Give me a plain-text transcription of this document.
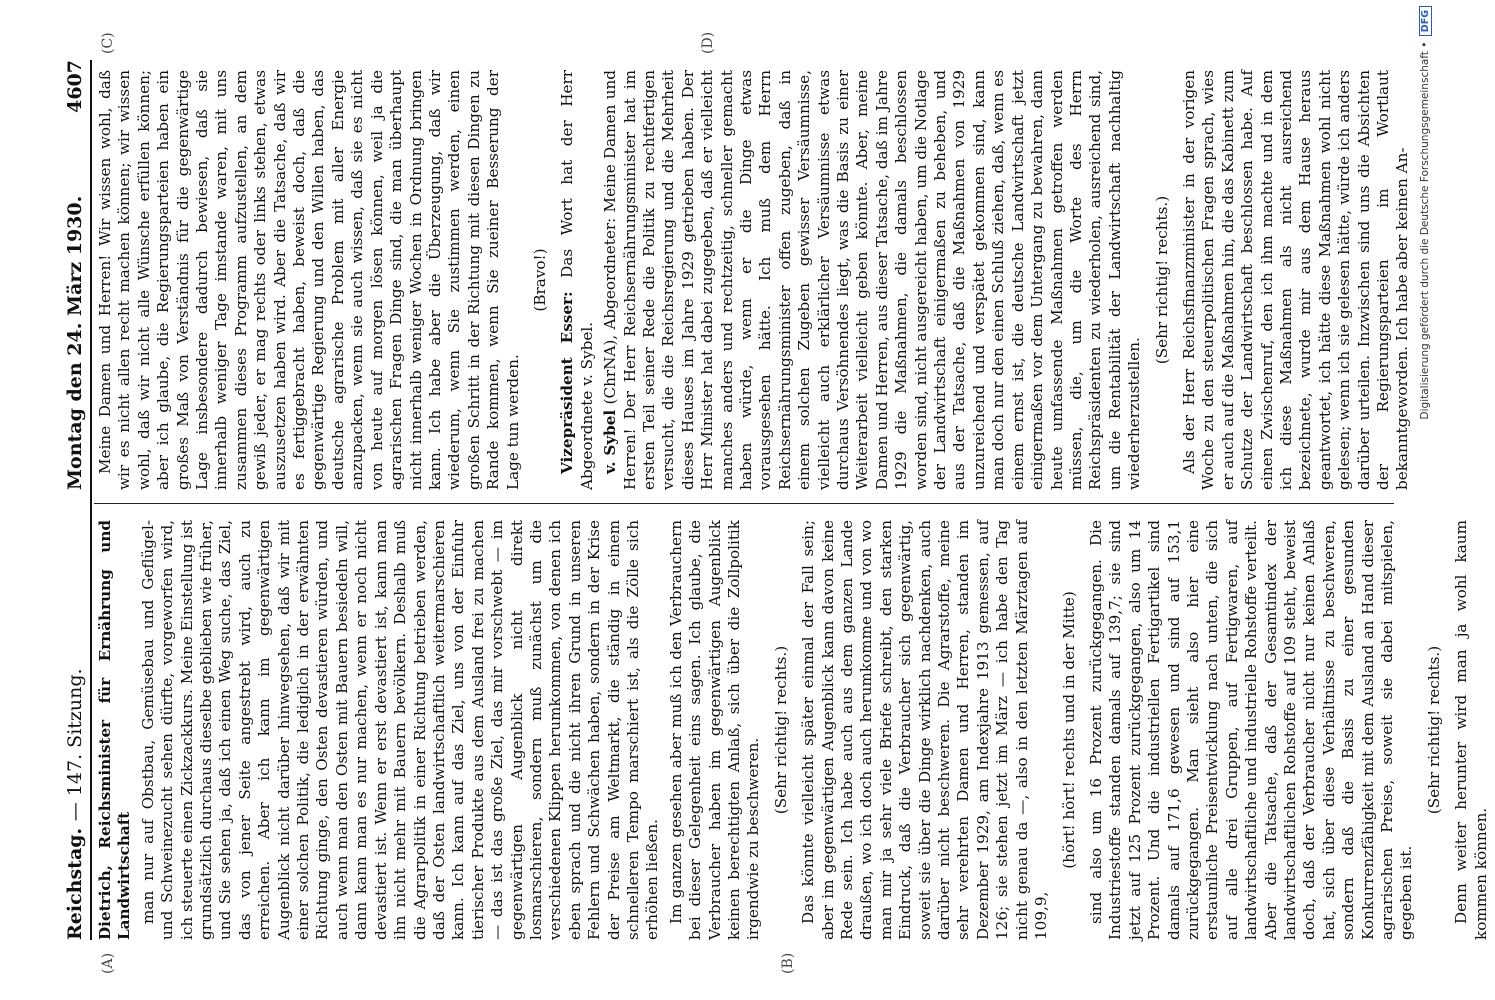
Reichstag. — 147. Sitzung.
Montag den 24. März 1930.
4607
(A)	(B)
(C)	(D)

Dietrich, Reichsminister für Ernährung und Landwirtschaft man nur auf Obstbau, Gemüsebau und Geflügel- und Schweinezucht sehen dürfte, vorgeworfen wird, ich steuerte einen Zickzackkurs. Meine Einstellung ist grundsätzlich durchaus dieselbe geblieben wie früher, und Sie sehen ja, daß ich einen Weg suche, das Ziel, das von jener Seite angestrebt wird, auch zu erreichen. Aber ich kann im gegenwärtigen Augenblick nicht darüber hinwegsehen, daß wir mit einer solchen Politik, die lediglich in der erwähnten Richtung ginge, den Osten devastieren würden, und auch wenn man den Osten mit Bauern besiedeln will, dann kann man es nur machen, wenn er noch nicht devastiert ist. Wenn er erst devastiert ist, kann man ihn nicht mehr mit Bauern bevölkern. Deshalb muß die Agrarpolitik in einer Richtung betrieben werden, daß der Osten landwirtschaftlich weitermarschieren kann. Ich kann auf das Ziel, uns von der Einfuhr tierischer Produkte aus dem Ausland frei zu machen — das ist das große Ziel, das mir vorschwebt — im gegenwärtigen Augenblick nicht direkt losmarschieren, sondern muß zunächst um die verschiedenen Klippen herumkommen, von denen ich eben sprach und die nicht ihren Grund in unseren Fehlern und Schwächen haben, sondern in der Krise der Preise am Weltmarkt, die ständig in einem schnelleren Tempo marschiert ist, als die Zölle sich erhöhen ließen. Im ganzen gesehen aber muß ich den Verbrauchern bei dieser Gelegenheit eins sagen. Ich glaube, die Verbraucher haben im gegenwärtigen Augenblick keinen berechtigten Anlaß, sich über die Zollpolitik irgendwie zu beschweren.

(Sehr richtig! rechts.) Das könnte vielleicht später einmal der Fall sein; aber im gegenwärtigen Augenblick kann davon keine Rede sein. Ich habe auch aus dem ganzen Lande draußen, wo ich doch auch herumkomme und von wo man mir ja sehr viele Briefe schreibt, den starken Eindruck, daß die Verbraucher sich gegenwärtig, soweit sie über die Dinge wirklich nachdenken, auch darüber nicht beschweren. Die Agrarstoffe, meine sehr verehrten Damen und Herren, standen im Dezember 1929, am Indexjahre 1913 gemessen, auf 126; sie stehen jetzt im März — ich habe den Tag nicht genau da —, also in den letzten Märztagen auf 109,9,

(hört! hört! rechts und in der Mitte) sind also um 16 Prozent zurückgegangen. Die Industriestoffe standen damals auf 139,7; sie sind jetzt auf 125 Prozent zurückgegangen, also um 14 Prozent. Und die industriellen Fertigartikel sind damals auf 171,6 gewesen und sind auf 153,1 zurückgegangen. Man sieht also hier eine erstaunliche Preisentwicklung nach unten, die sich auf alle drei Gruppen, auf Fertigwaren, auf landwirtschaftliche und industrielle Rohstoffe verteilt. Aber die Tatsache, daß der Gesamtindex der landwirtschaftlichen Rohstoffe auf 109 steht, beweist doch, daß der Verbraucher nicht nur keinen Anlaß hat, sich über diese Verhältnisse zu beschweren, sondern daß die Basis zu einer gesunden Konkurrenzfähigkeit mit dem Ausland an Hand dieser agrarischen Preise, soweit sie dabei mitspielen, gegeben ist.

(Sehr richtig! rechts.) Denn weiter herunter wird man ja wohl kaum kommen können.

Meine Damen und Herren! Wir wissen wohl, daß wir es nicht allen recht machen können; wir wissen wohl, daß wir nicht alle Wünsche erfüllen können; aber ich glaube, die Regierungsparteien haben ein großes Maß von Verständnis für die gegenwärtige Lage insbesondere dadurch bewiesen, daß sie innerhalb weniger Tage imstande waren, mit uns zusammen dieses Programm aufzustellen, an dem gewiß jeder, er mag rechts oder links stehen, etwas auszusetzen haben wird. Aber die Tatsache, daß wir es fertiggebracht haben, beweist doch, daß die gegenwärtige Regierung und den Willen haben, das deutsche agrarische Problem mit aller Energie anzupacken, wenn sie auch wissen, daß sie es nicht von heute auf morgen lösen können, weil ja die agrarischen Fragen Dinge sind, die man überhaupt nicht innerhalb weniger Wochen in Ordnung bringen kann. Ich habe aber die Überzeugung, daß wir wiederum, wenn Sie zustimmen werden, einen großen Schritt in der Richtung mit diesen Dingen zu Rande kommen, wenn Sie zueiner Besserung der Lage tun werden.

(Bravo!)

Vizepräsident Esser: Das Wort hat der Herr Abgeordnete v. Sybel. v. Sybel (ChrNA), Abgeordneter: Meine Damen und Herren! Der Herr Reichsernährungsminister hat im ersten Teil seiner Rede die Politik zu rechtfertigen versucht, die die Reichsregierung und die Mehrheit dieses Hauses im Jahre 1929 getrieben haben. Der Herr Minister hat dabei zugegeben, daß er vielleicht manches anders und rechtzeitig, schneller gemacht haben würde, wenn er die Dinge etwas vorausgesehen hätte. Ich muß dem Herrn Reichsernährungsminister offen zugeben, daß in einem solchen Zugeben gewisser Versäumnisse, vielleicht auch erklärlicher Versäumnisse etwas durchaus Versöhnendes liegt, was die Basis zu einer Weiterarbeit vielleicht geben könnte. Aber, meine Damen und Herren, aus dieser Tatsache, daß im Jahre 1929 die Maßnahmen, die damals beschlossen worden sind, nicht ausgereicht haben, um die Notlage der Landwirtschaft einigermaßen zu beheben, und aus der Tatsache, daß die Maßnahmen von 1929 unzureichend und verspätet gekommen sind, kann man doch nur den einen Schluß ziehen, daß, wenn es einem ernst ist, die deutsche Landwirtschaft jetzt einigermaßen vor dem Untergang zu bewahren, dann heute umfassende Maßnahmen getroffen werden müssen, die, um die Worte des Herrn Reichspräsidenten zu wiederholen, ausreichend sind, um die Rentabilität der Landwirtschaft nachhaltig wiederherzustellen.

(Sehr richtig! rechts.) Als der Herr Reichsfinanzminister in der vorigen Woche zu den steuerpolitischen Fragen sprach, wies er auch auf die Maßnahmen hin, die das Kabinett zum Schutze der Landwirtschaft beschlossen habe. Auf einen Zwischenruf, den ich ihm machte und in dem ich diese Maßnahmen als nicht ausreichend bezeichnete, wurde mir aus dem Hause heraus geantwortet, ich hätte diese Maßnahmen wohl nicht gelesen; wenn ich sie gelesen hätte, würde ich anders darüber urteilen. Inzwischen sind uns die Absichten der Regierungsparteien im Wortlaut bekanntgeworden. Ich habe aber keinen An- Digitalisierung gefördert durch die Deutsche Forschungsgemeinschaft • DFG
